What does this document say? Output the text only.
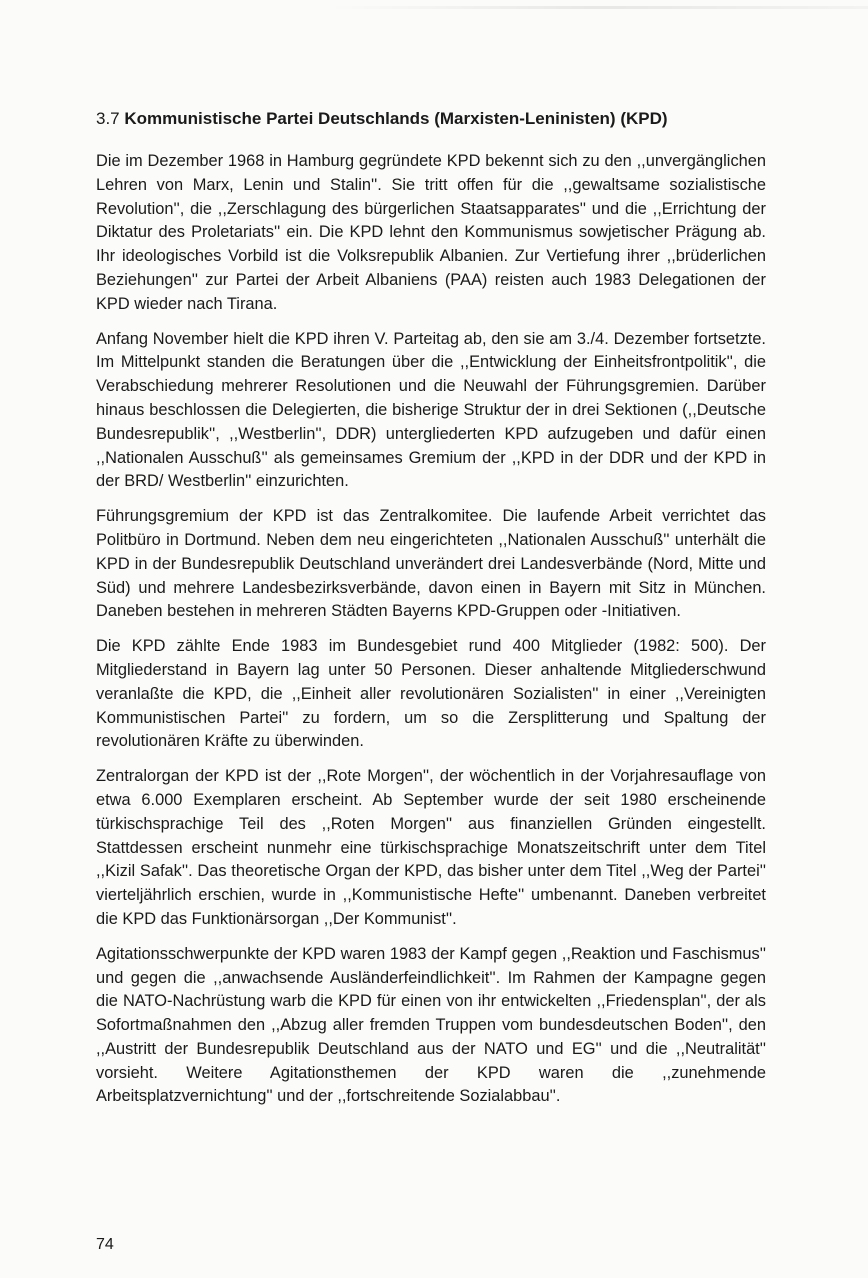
3.7 Kommunistische Partei Deutschlands (Marxisten-Leninisten) (KPD)

Die im Dezember 1968 in Hamburg gegründete KPD bekennt sich zu den ,,unvergänglichen Lehren von Marx, Lenin und Stalin''. Sie tritt offen für die ,,gewaltsame sozialistische Revolution'', die ,,Zerschlagung des bürgerlichen Staatsapparates'' und die ,,Errichtung der Diktatur des Proletariats'' ein. Die KPD lehnt den Kommunismus sowjetischer Prägung ab. Ihr ideologisches Vorbild ist die Volksrepublik Albanien. Zur Vertiefung ihrer ,,brüderlichen Beziehungen'' zur Partei der Arbeit Albaniens (PAA) reisten auch 1983 Delegationen der KPD wieder nach Tirana.

Anfang November hielt die KPD ihren V. Parteitag ab, den sie am 3./4. Dezember fortsetzte. Im Mittelpunkt standen die Beratungen über die ,,Entwicklung der Einheitsfrontpolitik'', die Verabschiedung mehrerer Resolutionen und die Neuwahl der Führungsgremien. Darüber hinaus beschlossen die Delegierten, die bisherige Struktur der in drei Sektionen (,,Deutsche Bundesrepublik'', ,,Westberlin'', DDR) untergliederten KPD aufzugeben und dafür einen ,,Nationalen Ausschuß'' als gemeinsames Gremium der ,,KPD in der DDR und der KPD in der BRD/ Westberlin'' einzurichten.

Führungsgremium der KPD ist das Zentralkomitee. Die laufende Arbeit verrichtet das Politbüro in Dortmund. Neben dem neu eingerichteten ,,Nationalen Ausschuß'' unterhält die KPD in der Bundesrepublik Deutschland unverändert drei Landesverbände (Nord, Mitte und Süd) und mehrere Landesbezirksverbände, davon einen in Bayern mit Sitz in München. Daneben bestehen in mehreren Städten Bayerns KPD-Gruppen oder -Initiativen.

Die KPD zählte Ende 1983 im Bundesgebiet rund 400 Mitglieder (1982: 500). Der Mitgliederstand in Bayern lag unter 50 Personen. Dieser anhaltende Mitgliederschwund veranlaßte die KPD, die ,,Einheit aller revolutionären Sozialisten'' in einer ,,Vereinigten Kommunistischen Partei'' zu fordern, um so die Zersplitterung und Spaltung der revolutionären Kräfte zu überwinden.

Zentralorgan der KPD ist der ,,Rote Morgen'', der wöchentlich in der Vorjahresauflage von etwa 6.000 Exemplaren erscheint. Ab September wurde der seit 1980 erscheinende türkischsprachige Teil des ,,Roten Morgen'' aus finanziellen Gründen eingestellt. Stattdessen erscheint nunmehr eine türkischsprachige Monatszeitschrift unter dem Titel ,,Kizil Safak''. Das theoretische Organ der KPD, das bisher unter dem Titel ,,Weg der Partei'' vierteljährlich erschien, wurde in ,,Kommunistische Hefte'' umbenannt. Daneben verbreitet die KPD das Funktionärsorgan ,,Der Kommunist''.

Agitationsschwerpunkte der KPD waren 1983 der Kampf gegen ,,Reaktion und Faschismus'' und gegen die ,,anwachsende Ausländerfeindlichkeit''. Im Rahmen der Kampagne gegen die NATO-Nachrüstung warb die KPD für einen von ihr entwickelten ,,Friedensplan'', der als Sofortmaßnahmen den ,,Abzug aller fremden Truppen vom bundesdeutschen Boden'', den ,,Austritt der Bundesrepublik Deutschland aus der NATO und EG'' und die ,,Neutralität'' vorsieht. Weitere Agitationsthemen der KPD waren die ,,zunehmende Arbeitsplatzvernichtung'' und der ,,fortschreitende Sozialabbau''.

74
